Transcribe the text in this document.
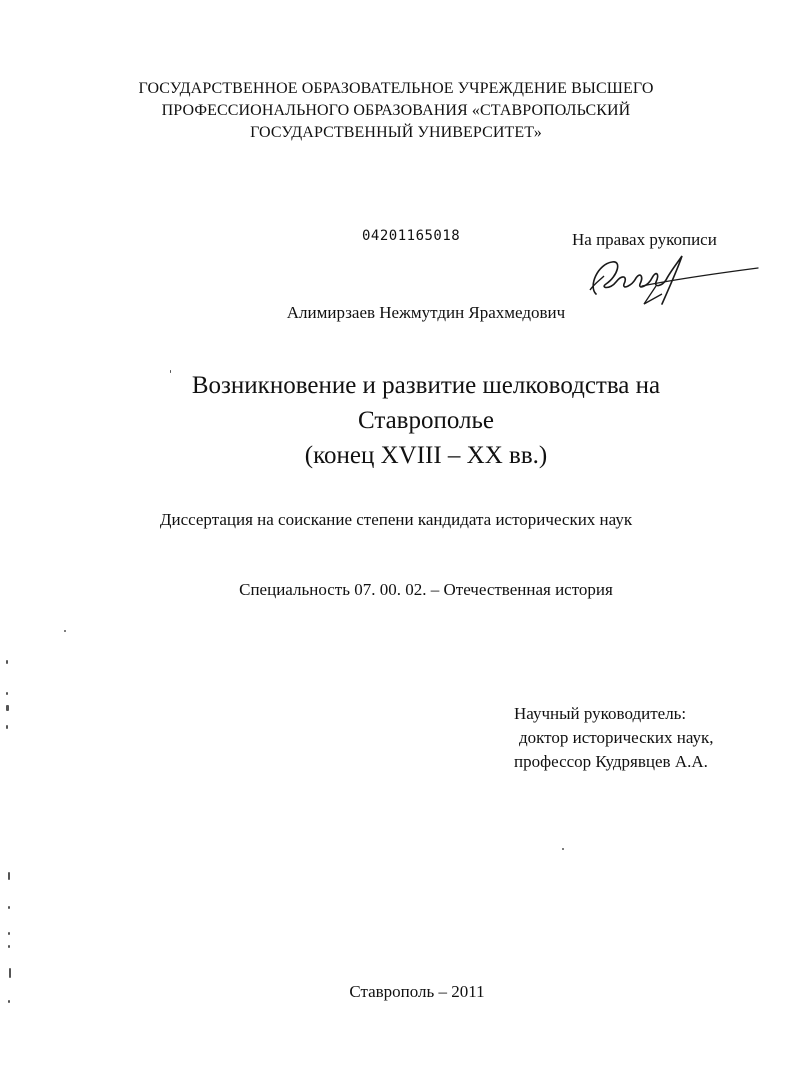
ГОСУДАРСТВЕННОЕ ОБРАЗОВАТЕЛЬНОЕ УЧРЕЖДЕНИЕ ВЫСШЕГО
ПРОФЕССИОНАЛЬНОГО ОБРАЗОВАНИЯ «СТАВРОПОЛЬСКИЙ
ГОСУДАРСТВЕННЫЙ УНИВЕРСИТЕТ»
04201165018	На правах рукописи
Алимирзаев Нежмутдин Ярахмедович
Возникновение и развитие шелководства на
Ставрополье
(конец XVIII – XX вв.)
Диссертация на соискание степени кандидата исторических наук
Специальность 07. 00. 02. – Отечественная история
Научный руководитель:
доктор исторических наук,
профессор Кудрявцев А.А.
Ставрополь – 2011
